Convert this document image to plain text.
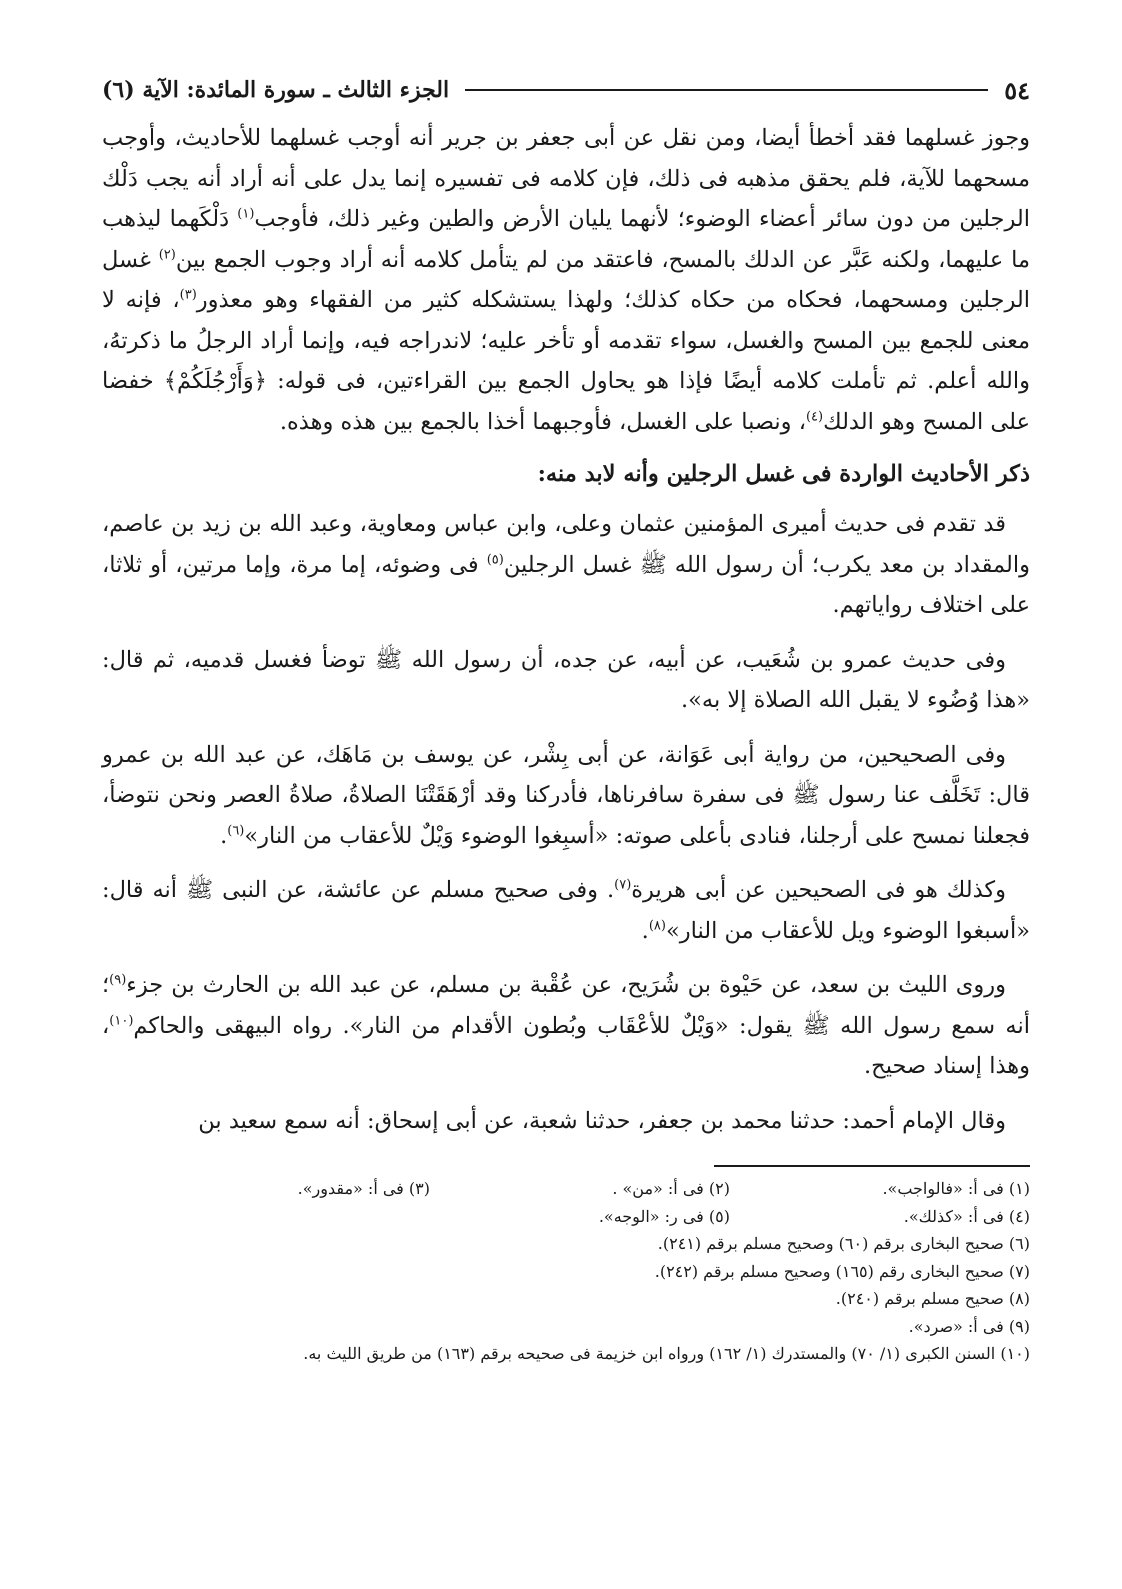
٥٤
الجزء الثالث ـ سورة المائدة: الآية (٦)

وجوز غسلهما فقد أخطأ أيضا، ومن نقل عن أبى جعفر بن جرير أنه أوجب غسلهما للأحاديث، وأوجب مسحهما للآية، فلم يحقق مذهبه فى ذلك، فإن كلامه فى تفسيره إنما يدل على أنه أراد أنه يجب دَلْك الرجلين من دون سائر أعضاء الوضوء؛ لأنهما يليان الأرض والطين وغير ذلك، فأوجب$^{(١)}$ دَلْكَهما ليذهب ما عليهما، ولكنه عَبَّر عن الدلك بالمسح، فاعتقد من لم يتأمل كلامه أنه أراد وجوب الجمع بين$^{(٢)}$ غسل الرجلين ومسحهما، فحكاه من حكاه كذلك؛ ولهذا يستشكله كثير من الفقهاء وهو معذور$^{(٣)}$، فإنه لا معنى للجمع بين المسح والغسل، سواء تقدمه أو تأخر عليه؛ لاندراجه فيه، وإنما أراد الرجلُ ما ذكرتهُ، والله أعلم. ثم تأملت كلامه أيضًا فإذا هو يحاول الجمع بين القراءتين، فى قوله: ﴿وَأَرْجُلَكُمْ﴾ خفضا على المسح وهو الدلك$^{(٤)}$، ونصبا على الغسل، فأوجبهما أخذا بالجمع بين هذه وهذه.

ذكر الأحاديث الواردة فى غسل الرجلين وأنه لابد منه:

قد تقدم فى حديث أميرى المؤمنين عثمان وعلى، وابن عباس ومعاوية، وعبد الله بن زيد بن عاصم، والمقداد بن معد يكرب؛ أن رسول الله ﷺ غسل الرجلين$^{(٥)}$ فى وضوئه، إما مرة، وإما مرتين، أو ثلاثا، على اختلاف رواياتهم.

وفى حديث عمرو بن شُعَيب، عن أبيه، عن جده، أن رسول الله ﷺ توضأ فغسل قدميه، ثم قال: «هذا وُضُوء لا يقبل الله الصلاة إلا به».

وفى الصحيحين، من رواية أبى عَوَانة، عن أبى بِشْر، عن يوسف بن مَاهَك، عن عبد الله بن عمرو قال: تَخَلَّف عنا رسول ﷺ فى سفرة سافرناها، فأدركنا وقد أرْهَقَتْنَا الصلاةُ، صلاةُ العصر ونحن نتوضأ، فجعلنا نمسح على أرجلنا، فنادى بأعلى صوته: «أسبِغوا الوضوء وَيْلٌ للأعقاب من النار»$^{(٦)}$.

وكذلك هو فى الصحيحين عن أبى هريرة$^{(٧)}$. وفى صحيح مسلم عن عائشة، عن النبى ﷺ أنه قال: «أسبغوا الوضوء ويل للأعقاب من النار»$^{(٨)}$.

وروى الليث بن سعد، عن حَيْوة بن شُرَيح، عن عُقْبة بن مسلم، عن عبد الله بن الحارث بن جزء$^{(٩)}$؛ أنه سمع رسول الله ﷺ يقول: «وَيْلٌ للأعْقَاب وبُطون الأقدام من النار». رواه البيهقى والحاكم$^{(١٠)}$، وهذا إسناد صحيح.

وقال الإمام أحمد: حدثنا محمد بن جعفر، حدثنا شعبة، عن أبى إسحاق: أنه سمع سعيد بن

(١) فى أ: «فالواجب».
(٢) فى أ: «من» .
(٣) فى أ: «مقدور».
(٤) فى أ: «كذلك».
(٥) فى ر: «الوجه».
(٦) صحيح البخارى برقم (٦٠) وصحيح مسلم برقم (٢٤١).
(٧) صحيح البخارى رقم (١٦٥) وصحيح مسلم برقم (٢٤٢).
(٨) صحيح مسلم برقم (٢٤٠).
(٩) فى أ: «صرد».
(١٠) السنن الكبرى (١/ ٧٠) والمستدرك (١/ ١٦٢) ورواه ابن خزيمة فى صحيحه برقم (١٦٣) من طريق الليث به.
